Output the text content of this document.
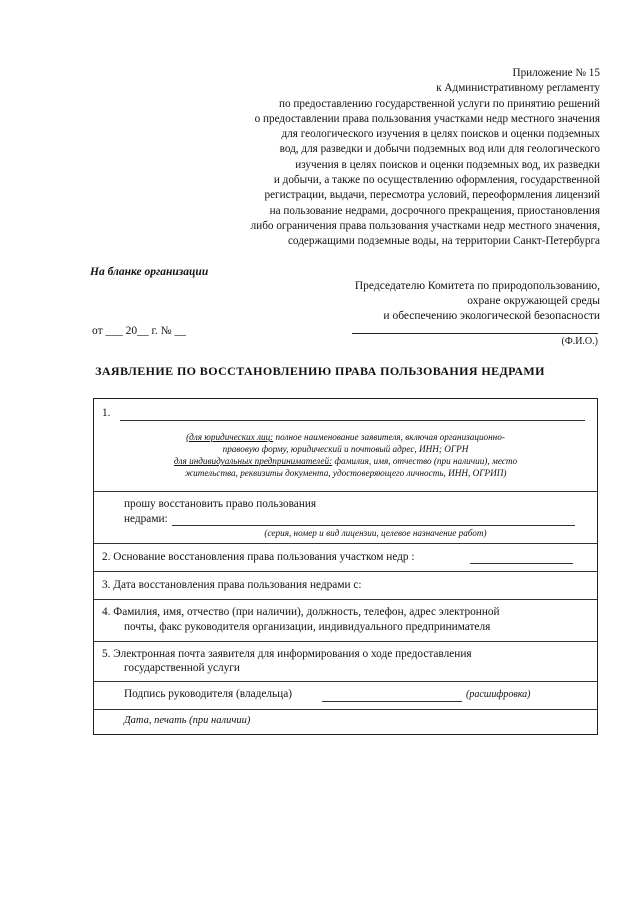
Приложение № 15
к Административному регламенту
по предоставлению государственной услуги по принятию решений
о предоставлении права пользования участками недр местного значения
для геологического изучения в целях поисков и оценки подземных
вод, для разведки и добычи подземных вод или для геологического
изучения в целях поисков и оценки подземных вод, их разведки
и добычи, а также по осуществлению оформления, государственной
регистрации, выдачи, пересмотра условий, переоформления лицензий
на пользование недрами, досрочного прекращения, приостановления
либо ограничения права пользования участками недр местного значения,
содержащими подземные воды, на территории Санкт-Петербурга
На бланке организации
Председателю Комитета по природопользованию,
охране окружающей среды
и обеспечению экологической безопасности
от ___ 20__ г. № __
(Ф.И.О.)
ЗАЯВЛЕНИЕ ПО ВОССТАНОВЛЕНИЮ ПРАВА ПОЛЬЗОВАНИЯ НЕДРАМИ
1.
(для юридических лиц: полное наименование заявителя, включая организационно-
правовую форму, юридический и почтовый адрес, ИНН; ОГРН
для индивидуальных предпринимателей: фамилия, имя, отчество (при наличии), место
жительства, реквизиты документа, удостоверяющего личность, ИНН, ОГРИП)
прошу восстановить право пользования
недрами:
(серия, номер и вид лицензии, целевое назначение работ)
2. Основание восстановления права пользования участком недр :
3. Дата восстановления права пользования недрами с:
4. Фамилия, имя, отчество (при наличии), должность, телефон, адрес электронной
почты, факс руководителя организации, индивидуального предпринимателя
5. Электронная почта заявителя для информирования о ходе предоставления
государственной услуги
Подпись руководителя (владельца)	(расшифровка)
Дата, печать (при наличии)
